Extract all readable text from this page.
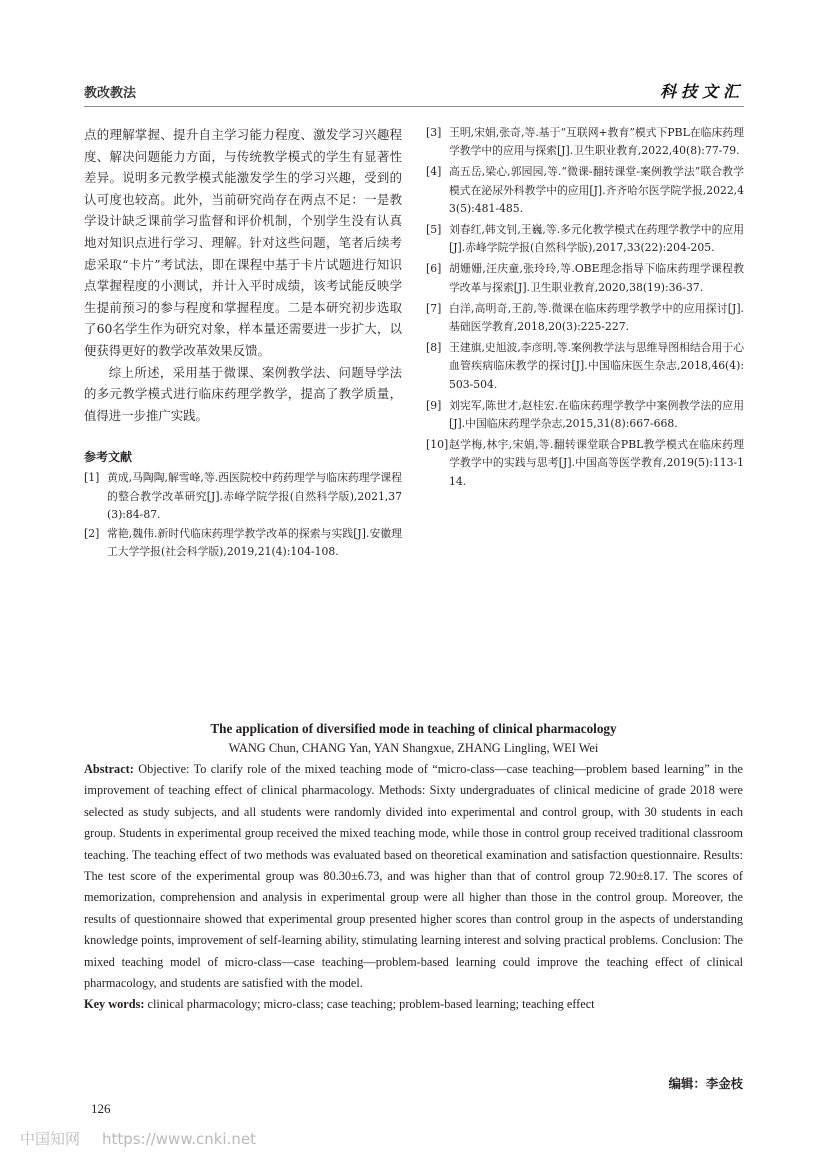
教改教法	科技文汇

点的理解掌握、提升自主学习能力程度、激发学习兴趣程度、解决问题能力方面，与传统教学模式的学生有显著性差异。说明多元教学模式能激发学生的学习兴趣，受到的认可度也较高。此外，当前研究尚存在两点不足：一是教学设计缺乏课前学习监督和评价机制，个别学生没有认真地对知识点进行学习、理解。针对这些问题，笔者后续考虑采取“卡片”考试法，即在课程中基于卡片试题进行知识点掌握程度的小测试，并计入平时成绩，该考试能反映学生提前预习的参与程度和掌握程度。二是本研究初步选取了60名学生作为研究对象，样本量还需要进一步扩大，以便获得更好的教学改革效果反馈。

综上所述，采用基于微课、案例教学法、问题导学法的多元教学模式进行临床药理学教学，提高了教学质量，值得进一步推广实践。

参考文献
[1] 黄成,马陶陶,解雪峰,等.西医院校中药药理学与临床药理学课程的整合教学改革研究[J].赤峰学院学报(自然科学版),2021,37(3):84-87.
[2] 常艳,魏伟.新时代临床药理学教学改革的探索与实践[J].安徽理工大学学报(社会科学版),2019,21(4):104-108.
[3] 王明,宋娟,张奇,等.基于“互联网+教育”模式下PBL在临床药理学教学中的应用与探索[J].卫生职业教育,2022,40(8):77-79.
[4] 高五岳,梁心,郭园园,等.“微课-翻转课堂-案例教学法”联合教学模式在泌尿外科教学中的应用[J].齐齐哈尔医学院学报,2022,43(5):481-485.
[5] 刘春红,韩文钊,王巍,等.多元化教学模式在药理学教学中的应用[J].赤峰学院学报(自然科学版),2017,33(22):204-205.
[6] 胡姗姗,汪庆童,张玲玲,等.OBE理念指导下临床药理学课程教学改革与探索[J].卫生职业教育,2020,38(19):36-37.
[7] 白洋,高明奇,王韵,等.微课在临床药理学教学中的应用探讨[J].基础医学教育,2018,20(3):225-227.
[8] 王建旗,史旭波,李彦明,等.案例教学法与思维导图相结合用于心血管疾病临床教学的探讨[J].中国临床医生杂志,2018,46(4):503-504.
[9] 刘宪军,陈世才,赵桂宏.在临床药理学教学中案例教学法的应用[J].中国临床药理学杂志,2015,31(8):667-668.
[10] 赵学梅,林宇,宋娟,等.翻转课堂联合PBL教学模式在临床药理学教学中的实践与思考[J].中国高等医学教育,2019(5):113-114.
The application of diversified mode in teaching of clinical pharmacology
WANG Chun, CHANG Yan, YAN Shangxue, ZHANG Lingling, WEI Wei

Abstract: Objective: To clarify role of the mixed teaching mode of “micro-class—case teaching—problem based learning” in the improvement of teaching effect of clinical pharmacology. Methods: Sixty undergraduates of clinical medicine of grade 2018 were selected as study subjects, and all students were randomly divided into experimental and control group, with 30 students in each group. Students in experimental group received the mixed teaching mode, while those in control group received traditional classroom teaching. The teaching effect of two methods was evaluated based on theoretical examination and satisfaction questionnaire. Results: The test score of the experimental group was 80.30±6.73, and was higher than that of control group 72.90±8.17. The scores of memorization, comprehension and analysis in experimental group were all higher than those in the control group. Moreover, the results of questionnaire showed that experimental group presented higher scores than control group in the aspects of understanding knowledge points, improvement of self-learning ability, stimulating learning interest and solving practical problems. Conclusion: The mixed teaching model of micro-class—case teaching—problem-based learning could improve the teaching effect of clinical pharmacology, and students are satisfied with the model.

Key words: clinical pharmacology; micro-class; case teaching; problem-based learning; teaching effect

编辑：李金枝
126
中国知网 https://www.cnki.net
